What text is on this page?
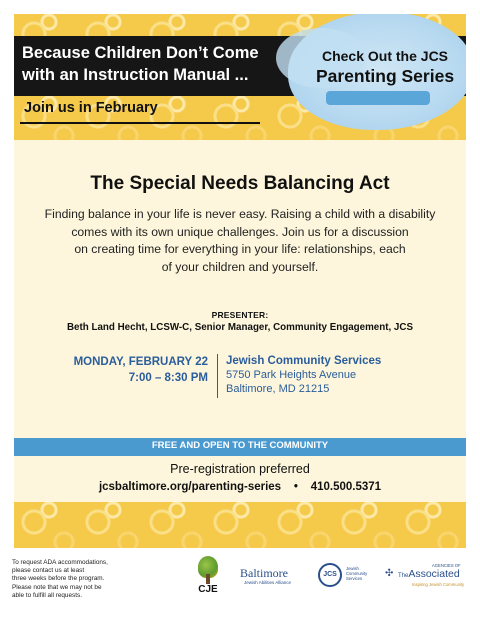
Because Children Don’t Come
with an Instruction Manual ...
Join us in February
Check Out the JCS
Parenting Series
The Special Needs Balancing Act
Finding balance in your life is never easy. Raising a child with a disability
comes with its own unique challenges. Join us for a discussion
on creating time for everything in your life: relationships, each
of your children and yourself.
PRESENTER:
Beth Land Hecht, LCSW-C, Senior Manager, Community Engagement, JCS
MONDAY, FEBRUARY 22
7:00 – 8:30 PM
Jewish Community Services
5750 Park Heights Avenue
Baltimore, MD 21215
FREE AND OPEN TO THE COMMUNITY
Pre-registration preferred
jcsbaltimore.org/parenting-series • 410.500.5371
To request ADA accommodations,
please contact us at least
three weeks before the program.
Please note that we may not be
able to fulfill all requests.
CJE
Baltimore
Jewish Abilities Alliance
JCS
Jewish
Community
Services	✣
AGENCIES OF
TheAssociated
Inspiring Jewish Community
